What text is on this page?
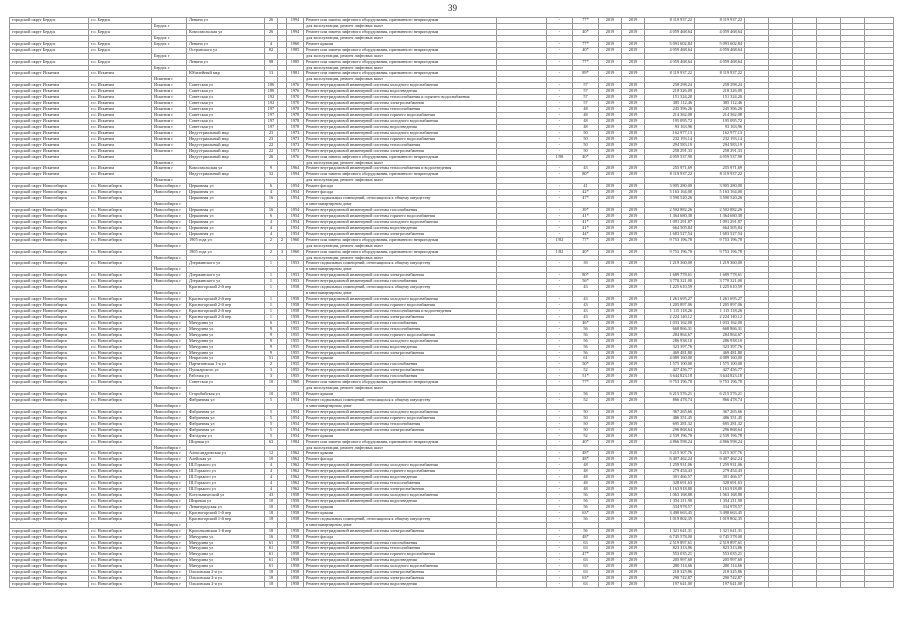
39
городской округ Бердск	г.о. Бердск		Ленина ул	26		1994	Ремонт или замена лифтового оборудования, признанного непригодным		-	77*	2019	2019	8 119 937,22	8 119 937,22						
		Бердск г					для эксплуатации, ремонт лифтовых шахт													
городской округ Бердск	г.о. Бердск		Комсомольская ул	26		1994	Ремонт или замена лифтового оборудования, признанного непригодным		-	40*	2019	2019	4 059 468,64	4 059 468,64						
		Бердск г					для эксплуатации, ремонт лифтовых шахт													
городской округ Бердск	г.о. Бердск	Бердск г	Ленина ул	4		1960	Ремонт крыши		-	77*	2019	2019	5 093 602,84	5 093 602,84						
городской округ Бердск	г.о. Бердск		Островского ул	82		1985	Ремонт или замена лифтового оборудования, признанного непригодным		-	40*	2019	2019	4 059 468,64	4 059 468,64						
		Бердск г					для эксплуатации, ремонт лифтовых шахт													
городской округ Бердск	г.о. Бердск		Ленина ул	98		1985	Ремонт или замена лифтового оборудования, признанного непригодным		-	77*	2019	2019	4 059 468,64	4 059 468,64						
		Бердск г					для эксплуатации, ремонт лифтовых шахт													
городской округ Искитим	г.о. Искитим		Юбилейный мкр	13		1981	Ремонт или замена лифтового оборудования, признанного непригодным		-	89*	2019	2019	8 119 937,22	8 119 937,22						
		Искитим г					для эксплуатации, ремонт лифтовых шахт													
городской округ Искитим	г.о. Искитим	Искитим г	Советская ул	186		1976	Ремонт внутридомовой инженерной системы холодного водоснабжения		-	57	2019	2019	258 298,24	258 298,24						
городской округ Искитим	г.о. Искитим	Искитим г	Советская ул	186		1976	Ремонт внутридомовой инженерной системы водоотведения		-	57	2019	2019	218 326,09	218 326,09						
городской округ Искитим	г.о. Искитим	Искитим г	Советская ул	192		1970	Ремонт внутридомовой инженерной системы теплоснабжения и горячего водоснабжения		-	57	2019	2019	151 324,20	151 324,20						
городской округ Искитим	г.о. Искитим	Искитим г	Советская ул	192		1970	Ремонт внутридомовой инженерной системы электроснабжения		-	57	2019	2019	385 112,46	385 112,46						
городской округ Искитим	г.о. Искитим	Искитим г	Советская ул	197		1978	Ремонт внутридомовой инженерной системы теплоснабжения		-	48	2019	2019	245 396,26	245 396,26						
городской округ Искитим	г.о. Искитим	Искитим г	Советская ул	197		1978	Ремонт внутридомовой инженерной системы горячего водоснабжения		-	48	2019	2019	214 362,08	214 362,08						
городской округ Искитим	г.о. Искитим	Искитим г	Советская ул	197		1978	Ремонт внутридомовой инженерной системы холодного водоснабжения		-	48	2019	2019	195 095,72	195 095,72						
городской округ Искитим	г.о. Искитим	Искитим г	Советская ул	197		1978	Ремонт внутридомовой инженерной системы водоотведения		-	48	2019	2019	93 163,96	93 163,96						
городской округ Искитим	г.о. Искитим	Искитим г	Индустриальный мкр	23		1973	Ремонт внутридомовой инженерной системы холодного водоснабжения		-	50	2019	2019	162 977,13	162 977,13						
городской округ Искитим	г.о. Искитим	Искитим г	Индустриальный мкр	23		1973	Ремонт внутридомовой инженерной системы горячего водоснабжения		-	50	2019	2019	232 193,14	232 193,14						
городской округ Искитим	г.о. Искитим	Искитим г	Индустриальный мкр	22		1973	Ремонт внутридомовой инженерной системы теплоснабжения		-	50	2019	2019	294 583,19	294 583,19						
городской округ Искитим	г.о. Искитим	Искитим г	Индустриальный мкр	22		1973	Ремонт внутридомовой инженерной системы электроснабжения		-	50	2019	2019	258 291,33	258 291,33						
городской округ Искитим	г.о. Искитим		Индустриальный мкр	26		1976	Ремонт или замена лифтового оборудования, признанного непригодным		1/98	40*	2019	2019	4 059 537,90	4 059 537,90						
		Искитим г					для эксплуатации, ремонт лифтовых шахт													
городской округ Искитим	г.о. Искитим	Искитим г	Комсомольская ул	9		1964	Ремонт внутридомовой инженерной системы теплоснабжения и водоотведения		-	43	2019	2019	255 971,69	255 971,69						
городской округ Искитим	г.о. Искитим		Индустриальный мкр	32		1994	Ремонт или замена лифтового оборудования, признанного непригодным		-	80*	2019	2019	8 119 937,22	8 119 937,22						
		Искитим г					для эксплуатации, ремонт лифтовых шахт													
городской округ Новосибирск	г.о. Новосибирск	Новосибирск г	Церковная ул	6		1954	Ремонт фасада		-	41	2019	2019	3 905 280,00	3 905 280,00						
городской округ Новосибирск	г.о. Новосибирск	Новосибирск г	Церковная ул	4		1954	Ремонт фасада		-	42*	2019	2019	5 163 164,00	5 163 164,00						
городской округ Новосибирск	г.о. Новосибирск		Церковная ул	16		1954	Ремонт подвальных помещений, относящихся к общему имуществу		-	47*	2019	2019	3 590 520,26	3 590 520,26						
		Новосибирск г					в многоквартирном доме													
городской округ Новосибирск	г.о. Новосибирск	Новосибирск г	Церковная ул	16		1954	Ремонт внутридомовой инженерной системы газоснабжения		-	39*	2019	2019	2 502 882,26	2 502 882,26						
городской округ Новосибирск	г.о. Новосибирск	Новосибирск г	Церковная ул	6		1954	Ремонт внутридомовой инженерной системы горячего водоснабжения		-	41*	2019	2019	1 364 680,38	1 364 680,38						
городской округ Новосибирск	г.о. Новосибирск	Новосибирск г	Церковная ул	4		1954	Ремонт внутридомовой инженерной системы холодного водоснабжения		-	41*	2019	2019	1 091 291,87	1 091 291,87						
городской округ Новосибирск	г.о. Новосибирск	Новосибирск г	Церковная ул	4		1954	Ремонт внутридомовой инженерной системы водоотведения		-	41*	2019	2019	664 505,84	664 505,84						
городской округ Новосибирск	г.о. Новосибирск	Новосибирск г	Церковная ул	4		1954	Ремонт внутридомовой инженерной системы электроснабжения		-	44*	2019	2019	1 683 527,54	1 683 527,54						
городской округ Новосибирск	г.о. Новосибирск		1905 года ул	2	2	1960	Ремонт или замена лифтового оборудования, признанного непригодным		1/82	77*	2019	2019	9 753 196,78	9 753 196,78						
		Новосибирск г					для эксплуатации, ремонт лифтовых шахт													
городской округ Новосибирск	г.о. Новосибирск		1905 года ул	2	3	1960	Ремонт или замена лифтового оборудования, признанного непригодным		1/82	40*	2019	2019	9 753 196,78	9 753 196,78						
		Новосибирск г					для эксплуатации, ремонт лифтовых шахт													
городской округ Новосибирск	г.о. Новосибирск		Дзержинского ул	1		1953	Ремонт подвальных помещений, относящихся к общему имуществу		-	39	2019	2019	1 219 360,00	1 219 360,00						
		Новосибирск г					в многоквартирном доме													
городской округ Новосибирск	г.о. Новосибирск	Новосибирск г	Дзержинского ул	1		1953	Ремонт внутридомовой инженерной системы электроснабжения		-	80*	2019	2019	1 689 778,61	1 689 778,61						
городской округ Новосибирск	г.о. Новосибирск	Новосибирск г	Дзержинского ул	1		1953	Ремонт внутридомовой инженерной системы газоснабжения		-	56*	2019	2019	3 770 321,00	3 770 321,00						
городской округ Новосибирск	г.о. Новосибирск		Красногорский 2-й пер	1		1958	Ремонт подвальных помещений, относящихся к общему имуществу		-	43	2019	2019	1 225 610,59	1 225 610,59						
		Новосибирск г					в многоквартирном доме													
городской округ Новосибирск	г.о. Новосибирск	Новосибирск г	Красногорский 2-й пер	1		1958	Ремонт внутридомовой инженерной системы холодного водоснабжения		-	43	2019	2019	1 261 695,27	1 261 695,27						
городской округ Новосибирск	г.о. Новосибирск	Новосибирск г	Красногорский 2-й пер	1		1958	Ремонт внутридомовой инженерной системы горячего водоснабжения		-	43	2019	2019	1 205 897,06	1 205 897,06						
городской округ Новосибирск	г.о. Новосибирск	Новосибирск г	Красногорский 2-й пер	1		1958	Ремонт внутридомовой инженерной системы теплоснабжения и водоотведения		-	43	2019	2019	1 115 118,26	1 115 118,26						
городской округ Новосибирск	г.о. Новосибирск	Новосибирск г	Красногорский 2-й пер	1		1958	Ремонт внутридомовой инженерной системы электроснабжения		-	43	2019	2019	2 224 140,12	2 224 140,12						
городской округ Новосибирск	г.о. Новосибирск	Новосибирск г	Мичурина ул	6		1953	Ремонт внутридомовой инженерной системы газоснабжения		-	46*	2019	2019	1 033 162,00	1 033 162,00						
городской округ Новосибирск	г.о. Новосибирск	Новосибирск г	Мичурина ул	9		1955	Ремонт внутридомовой инженерной системы теплоснабжения		-	56	2019	2019	668 866,31	668 866,31						
городской округ Новосибирск	г.о. Новосибирск	Новосибирск г	Мичурина ул	9		1955	Ремонт внутридомовой инженерной системы горячего водоснабжения		-	56	2019	2019	284 864,67	284 864,67						
городской округ Новосибирск	г.о. Новосибирск	Новосибирск г	Мичурина ул	9		1955	Ремонт внутридомовой инженерной системы холодного водоснабжения		-	56	2019	2019	286 938,10	286 938,10						
городской округ Новосибирск	г.о. Новосибирск	Новосибирск г	Мичурина ул	9		1955	Ремонт внутридомовой инженерной системы водоотведения		-	56	2019	2019	323 397,76	323 397,76						
городской округ Новосибирск	г.о. Новосибирск	Новосибирск г	Мичурина ул	9		1955	Ремонт внутридомовой инженерной системы электроснабжения		-	56	2019	2019	469 481,80	469 481,80						
городской округ Новосибирск	г.о. Новосибирск	Новосибирск г	Некрасова ул	51		1958	Ремонт крыши		-	61	2019	2019	4 089 160,00	4 089 160,00						
городской округ Новосибирск	г.о. Новосибирск	Новосибирск г	Партизанская 1-я ул	2		1955	Ремонт внутридомовой инженерной системы газоснабжения		-	50*	2019	2019	1 575 100,00	1 575 100,00						
городской округ Новосибирск	г.о. Новосибирск	Новосибирск г	Пушкарского ул	3		1955	Ремонт внутридомовой инженерной системы электроснабжения		-	52	2019	2019	427 456,77	427 456,77						
городской округ Новосибирск	г.о. Новосибирск	Новосибирск г	Рабочая ул	3		1955	Ремонт внутридомовой инженерной системы газоснабжения		-	51*	2019	2019	3 644 823,18	3 644 823,18						
городской округ Новосибирск	г.о. Новосибирск		Советская ул	10		1960	Ремонт или замена лифтового оборудования, признанного непригодным		-	77*	2019	2019	9 753 196,78	9 753 196,78						
		Новосибирск г					для эксплуатации, ремонт лифтовых шахт													
городской округ Новосибирск	г.о. Новосибирск	Новосибирск г	Старобийская ул	10		1953	Ремонт крыши		-	56	2019	2019	6 215 576,21	6 215 576,21						
городской округ Новосибирск	г.о. Новосибирск		Фабричная ул	5		1954	Ремонт подвальных помещений, относящихся к общему имуществу		-	52	2019	2019	866 478,74	866 478,74						
		Новосибирск г					в многоквартирном доме													
городской округ Новосибирск	г.о. Новосибирск	Новосибирск г	Фабричная ул	5		1954	Ремонт внутридомовой инженерной системы холодного водоснабжения		-	50	2019	2019	367 265,66	367 265,66						
городской округ Новосибирск	г.о. Новосибирск	Новосибирск г	Фабричная ул	5		1954	Ремонт внутридомовой инженерной системы горячего водоснабжения		-	50	2019	2019	486 351,45	486 351,45						
городской округ Новосибирск	г.о. Новосибирск	Новосибирск г	Фабричная ул	5		1954	Ремонт внутридомовой инженерной системы теплоснабжения		-	50	2019	2019	695 281,32	695 281,32						
городской округ Новосибирск	г.о. Новосибирск	Новосибирск г	Фабричная ул	5		1954	Ремонт внутридомовой инженерной системы электроснабжения		-	50	2019	2019	296 868,64	296 868,64						
городской округ Новосибирск	г.о. Новосибирск	Новосибирск г	Фасадная ул	5		1954	Ремонт крыши		-	52	2019	2019	2 539 196,78	2 539 196,78						
городской округ Новосибирск	г.о. Новосибирск		Шорная ул	63		1984	Ремонт или замена лифтового оборудования, признанного непригодным		-	40*	2019	2019	4 866 598,24	4 866 598,24						
		Новосибирск г					для эксплуатации, ремонт лифтовых шахт													
городской округ Новосибирск	г.о. Новосибирск	Новосибирск г	Александровская ул	12		1962	Ремонт крыши		-	48*	2019	2019	3 215 307,76	3 215 307,76						
городской округ Новосибирск	г.о. Новосибирск	Новосибирск г	Алейская ул	10		1962	Ремонт фасада		-	48*	2019	2019	6 407 462,24	6 407 462,24						
городской округ Новосибирск	г.о. Новосибирск	Новосибирск г	Ш.Горького ул	4		1962	Ремонт внутридомовой инженерной системы холодного водоснабжения		-	48	2019	2019	1 259 931,06	1 259 931,06						
городской округ Новосибирск	г.о. Новосибирск	Новосибирск г	Ш.Горького ул	4		1962	Ремонт внутридомовой инженерной системы горячего водоснабжения		-	48	2019	2019	279 454,43	279 454,43						
городской округ Новосибирск	г.о. Новосибирск	Новосибирск г	Ш.Горького ул	4		1962	Ремонт внутридомовой инженерной системы водоотведения		-	48	2019	2019	301 466,57	301 466,57						
городской округ Новосибирск	г.о. Новосибирск	Новосибирск г	Ш.Горького ул	4		1962	Ремонт внутридомовой инженерной системы теплоснабжения		-	48	2019	2019	328 691,63	328 691,63						
городской округ Новосибирск	г.о. Новосибирск	Новосибирск г	Ш.Горького ул	4		1962	Ремонт внутридомовой инженерной системы электроснабжения		-	48	2019	2019	1 163 918,80	1 163 918,80						
городской округ Новосибирск	г.о. Новосибирск	Новосибирск г	Котельнический ул	43		1958	Ремонт внутридомовой инженерной системы холодного водоснабжения		-	56	2019	2019	1 063 168,88	1 063 168,88						
городской округ Новосибирск	г.о. Новосибирск	Новосибирск г	Широкая ул	10		1958	Ремонт внутридомовой инженерной системы водоотведения		-	56	2019	2019	1 354 211,90	1 354 211,90						
городской округ Новосибирск	г.о. Новосибирск	Новосибирск г	Ленинградская ул	10		1958	Ремонт крыши		-	56	2019	2019	334 978,57	334 978,57						
городской округ Новосибирск	г.о. Новосибирск	Новосибирск г	Красногорский 1-й пер	18		1958	Ремонт крыши		-	63*	2019	2019	3 498 663,45	3 498 663,45						
городской округ Новосибирск	г.о. Новосибирск		Красногорский 1-й пер	18		1958	Ремонт подвальных помещений, относящихся к общему имуществу		-	56	2019	2019	1 019 802,35	1 019 802,35						
		Новосибирск г					в многоквартирном доме													
городской округ Новосибирск	г.о. Новосибирск	Новосибирск г	Кропоткинская 1-й пер	18		1958	Ремонт внутридомовой инженерной системы электроснабжения		-	56	2019	2019	1 321 641,31	1 321 641,31						
городской округ Новосибирск	г.о. Новосибирск	Новосибирск г	Мичурина ул	16		1958	Ремонт фасада		-	48*	2019	2019	6 745 578,00	6 745 578,00						
городской округ Новосибирск	г.о. Новосибирск	Новосибирск г	Мичурина ул	61		1958	Ремонт внутридомовой инженерной системы газоснабжения		-	63	2019	2019	2 519 897,61	2 519 897,61						
городской округ Новосибирск	г.о. Новосибирск	Новосибирск г	Мичурина ул	61		1958	Ремонт внутридомовой инженерной системы теплоснабжения		-	63	2019	2019	823 313,86	823 313,86						
городской округ Новосибирск	г.о. Новосибирск	Новосибирск г	Мичурина ул	61		1958	Ремонт внутридомовой инженерной системы горячего водоснабжения		-	47*	2019	2019	553 035,21	553 035,21						
городской округ Новосибирск	г.о. Новосибирск	Новосибирск г	Мичурина ул	61		1958	Ремонт внутридомовой инженерной системы водоотведения		-	63	2019	2019	205 997,60	205 997,60						
городской округ Новосибирск	г.о. Новосибирск	Новосибирск г	Мичурина ул	61		1958	Ремонт внутридомовой инженерной системы холодного водоснабжения		-	63	2019	2019	280 114,66	280 114,66						
городской округ Новосибирск	г.о. Новосибирск	Новосибирск г	Ольховская 2-я ул	18		1958	Ремонт внутридомовой инженерной системы электроснабжения		-	63	2019	2019	218 325,86	218 325,86						
городской округ Новосибирск	г.о. Новосибирск	Новосибирск г	Ольховская 2-я ул	18		1958	Ремонт внутридомовой инженерной системы электроснабжения		-	63*	2019	2019	290 742,87	290 742,87						
городской округ Новосибирск	г.о. Новосибирск	Новосибирск г	Ольховская 2-я ул	18		1958	Ремонт внутридомовой инженерной системы водоотведения		-	63	2019	2019	197 641,00	197 641,00						
